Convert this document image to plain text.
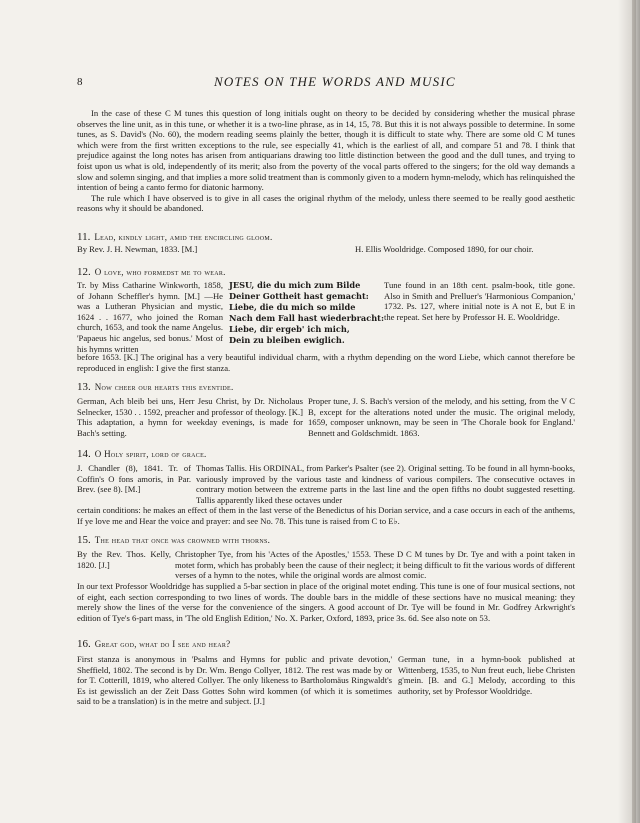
8	NOTES ON THE WORDS AND MUSIC

In the case of these C M tunes this question of long initials ought on theory to be decided by considering whether the musical phrase observes the line unit, as in this tune, or whether it is a two-line phrase, as in 14, 15, 78. But this it is not always possible to determine. In some tunes, as S. David's (No. 60), the modern reading seems plainly the better, though it is difficult to state why. There are some old C M tunes which were from the first written exceptions to the rule, see especially 41, which is the earliest of all, and compare 51 and 78. I think that prejudice against the long notes has arisen from antiquarians drawing too little distinction between the good and the dull tunes, and trying to foist upon us what is old, independently of its merit; also from the poverty of the vocal parts offered to the singers; for the old way demands a slow and solemn singing, and that implies a more solid treatment than is commonly given to a modern hymn-melody, which has relinquished the intention of being a canto fermo for diatonic harmony.

The rule which I have observed is to give in all cases the original rhythm of the melody, unless there seemed to be really good aesthetic reasons why it should be abandoned.

11. Lead, kindly light, amid the encircling gloom.
By Rev. J. H. Newman, 1833. [M.]	H. Ellis Wooldridge. Composed 1890, for our choir.
12. O love, who formedst me to wear.

Tr. by Miss Catharine Winkworth, 1858, of Johann Scheffler's hymn. [M.] —He was a Lutheran Physician and mystic, 1624 . . 1677, who joined the Roman church, 1653, and took the name Angelus. 'Papaeus hic angelus, sed bonus.' Most of his hymns written

JESU, die du mich zum Bilde
Deiner Gottheit hast gemacht:
Liebe, die du mich so milde
Nach dem Fall hast wiederbracht:
Liebe, dir ergeb' ich mich,
Dein zu bleiben ewiglich.

Tune found in an 18th cent. psalm-book, title gone. Also in Smith and Prelluer's 'Harmonious Companion,' 1732. Ps. 127, where initial note is A not E, but E in the repeat. Set here by Professor H. E. Wooldridge.

before 1653. [K.] The original has a very beautiful individual charm, with a rhythm depending on the word Liebe, which cannot therefore be reproduced in english: I give the first stanza.

13. Now cheer our hearts this eventide.

German, Ach bleib bei uns, Herr Jesu Christ, by Dr. Nicholaus Selnecker, 1530 . . 1592, preacher and professor of theology. [K.] This adaptation, a hymn for weekday evenings, is made for Bach's setting.

Proper tune, J. S. Bach's version of the melody, and his setting, from the V C B, except for the alterations noted under the music. The original melody, 1659, composer unknown, may be seen in 'The Chorale book for England.' Bennett and Goldschmidt. 1863.

14. O Holy spirit, lord of grace.

J. Chandler (8), 1841. Tr. of Coffin's O fons amoris, in Par. Brev. (see 8). [M.]

Thomas Tallis. His ORDINAL, from Parker's Psalter (see 2). Original setting. To be found in all hymn-books, variously improved by the various taste and kindness of various compilers. The consecutive octaves in contrary motion between the extreme parts in the last line and the open fifths no doubt suggested resetting. Tallis apparently liked these octaves under

certain conditions: he makes an effect of them in the last verse of the Benedictus of his Dorian service, and a case occurs in each of the anthems, If ye love me and Hear the voice and prayer: and see No. 78. This tune is raised from C to E♭.

15. The head that once was crowned with thorns.

By the Rev. Thos. Kelly, 1820. [J.]

Christopher Tye, from his 'Actes of the Apostles,' 1553. These D C M tunes by Dr. Tye and with a point taken in motet form, which has probably been the cause of their neglect; it being difficult to fit the various words of different verses of a hymn to the notes, while the original words are almost comic.

In our text Professor Wooldridge has supplied a 5-bar section in place of the original motet ending. This tune is one of four musical sections, not of eight, each section corresponding to two lines of words. The double bars in the middle of these sections have no musical meaning: they merely show the lines of the verse for the convenience of the singers. A good account of Dr. Tye will be found in Mr. Godfrey Arkwright's edition of Tye's 6-part mass, in 'The old English Edition,' No. X. Parker, Oxford, 1893, price 3s. 6d. See also note on 53.

16. Great god, what do I see and hear?

First stanza is anonymous in 'Psalms and Hymns for public and private devotion,' Sheffield, 1802. The second is by Dr. Wm. Bengo Collyer, 1812. The rest was made by or for T. Cotterill, 1819, who altered Collyer. The only likeness to Bartholomäus Ringwaldt's Es ist gewisslich an der Zeit Dass Gottes Sohn wird kommen (of which it is sometimes said to be a translation) is in the metre and subject. [J.]

German tune, in a hymn-book published at Wittenberg, 1535, to Nun freut euch, liebe Christen g'mein. [B. and G.] Melody, according to this authority, set by Professor Wooldridge.
